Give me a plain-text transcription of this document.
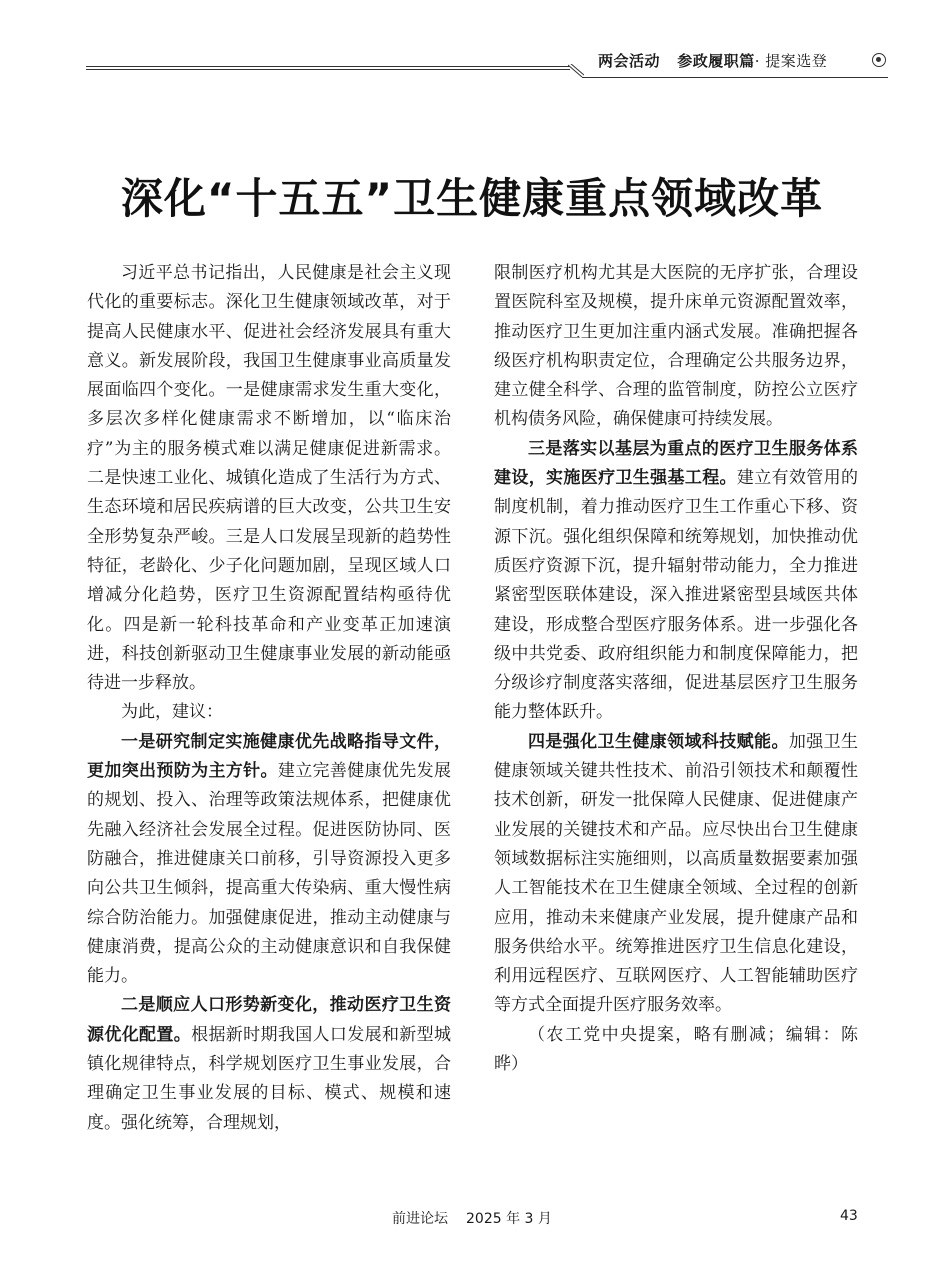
两会活动 参政履职篇· 提案选登
深化“十五五”卫生健康重点领域改革

习近平总书记指出，人民健康是社会主义现代化的重要标志。深化卫生健康领域改革，对于提高人民健康水平、促进社会经济发展具有重大意义。新发展阶段，我国卫生健康事业高质量发展面临四个变化。一是健康需求发生重大变化，多层次多样化健康需求不断增加，以“临床治疗”为主的服务模式难以满足健康促进新需求。二是快速工业化、城镇化造成了生活行为方式、生态环境和居民疾病谱的巨大改变，公共卫生安全形势复杂严峻。三是人口发展呈现新的趋势性特征，老龄化、少子化问题加剧，呈现区域人口增减分化趋势，医疗卫生资源配置结构亟待优化。四是新一轮科技革命和产业变革正加速演进，科技创新驱动卫生健康事业发展的新动能亟待进一步释放。

为此，建议：

一是研究制定实施健康优先战略指导文件，更加突出预防为主方针。建立完善健康优先发展的规划、投入、治理等政策法规体系，把健康优先融入经济社会发展全过程。促进医防协同、医防融合，推进健康关口前移，引导资源投入更多向公共卫生倾斜，提高重大传染病、重大慢性病综合防治能力。加强健康促进，推动主动健康与健康消费，提高公众的主动健康意识和自我保健能力。

二是顺应人口形势新变化，推动医疗卫生资源优化配置。根据新时期我国人口发展和新型城镇化规律特点，科学规划医疗卫生事业发展，合理确定卫生事业发展的目标、模式、规模和速度。强化统筹，合理规划，

限制医疗机构尤其是大医院的无序扩张，合理设置医院科室及规模，提升床单元资源配置效率，推动医疗卫生更加注重内涵式发展。准确把握各级医疗机构职责定位，合理确定公共服务边界，建立健全科学、合理的监管制度，防控公立医疗机构债务风险，确保健康可持续发展。

三是落实以基层为重点的医疗卫生服务体系建设，实施医疗卫生强基工程。建立有效管用的制度机制，着力推动医疗卫生工作重心下移、资源下沉。强化组织保障和统筹规划，加快推动优质医疗资源下沉，提升辐射带动能力，全力推进紧密型医联体建设，深入推进紧密型县域医共体建设，形成整合型医疗服务体系。进一步强化各级中共党委、政府组织能力和制度保障能力，把分级诊疗制度落实落细，促进基层医疗卫生服务能力整体跃升。

四是强化卫生健康领域科技赋能。加强卫生健康领域关键共性技术、前沿引领技术和颠覆性技术创新，研发一批保障人民健康、促进健康产业发展的关键技术和产品。应尽快出台卫生健康领域数据标注实施细则，以高质量数据要素加强人工智能技术在卫生健康全领域、全过程的创新应用，推动未来健康产业发展，提升健康产品和服务供给水平。统筹推进医疗卫生信息化建设，利用远程医疗、互联网医疗、人工智能辅助医疗等方式全面提升医疗服务效率。

（农工党中央提案，略有删减；编辑：陈晔）

前进论坛 2025 年 3 月	43
